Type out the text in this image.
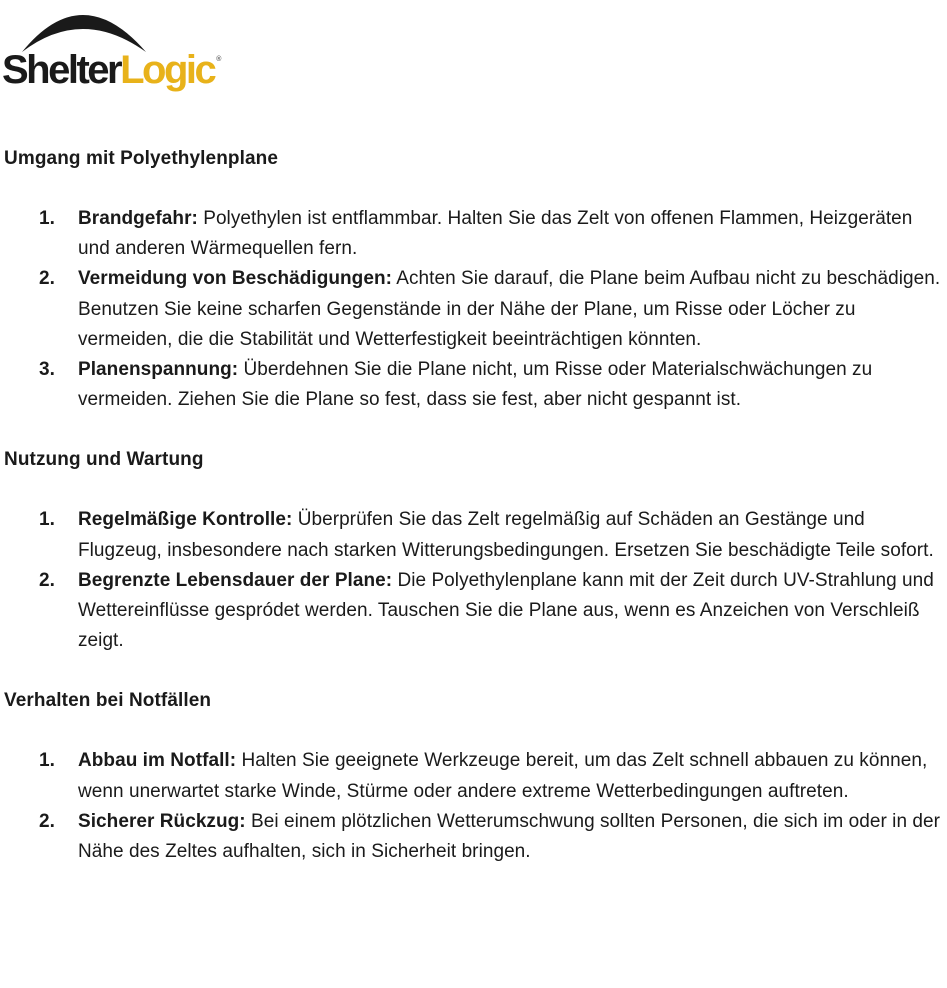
ShelterLogic ®
Umgang mit Polyethylenplane
1. Brandgefahr: Polyethylen ist entflammbar. Halten Sie das Zelt von offenen Flammen, Heizgeräten und anderen Wärmequellen fern.
2. Vermeidung von Beschädigungen: Achten Sie darauf, die Plane beim Aufbau nicht zu beschädigen. Benutzen Sie keine scharfen Gegenstände in der Nähe der Plane, um Risse oder Löcher zu vermeiden, die die Stabilität und Wetterfestigkeit beeinträchtigen könnten.
3. Planenspannung: Überdehnen Sie die Plane nicht, um Risse oder Materialschwächungen zu vermeiden. Ziehen Sie die Plane so fest, dass sie fest, aber nicht gespannt ist.
Nutzung und Wartung
1. Regelmäßige Kontrolle: Überprüfen Sie das Zelt regelmäßig auf Schäden an Gestänge und Flugzeug, insbesondere nach starken Witterungsbedingungen. Ersetzen Sie beschädigte Teile sofort.
2. Begrenzte Lebensdauer der Plane: Die Polyethylenplane kann mit der Zeit durch UV-Strahlung und Wettereinflüsse gespródet werden. Tauschen Sie die Plane aus, wenn es Anzeichen von Verschleiß zeigt.
Verhalten bei Notfällen
1. Abbau im Notfall: Halten Sie geeignete Werkzeuge bereit, um das Zelt schnell abbauen zu können, wenn unerwartet starke Winde, Stürme oder andere extreme Wetterbedingungen auftreten.
2. Sicherer Rückzug: Bei einem plötzlichen Wetterumschwung sollten Personen, die sich im oder in der Nähe des Zeltes aufhalten, sich in Sicherheit bringen.
